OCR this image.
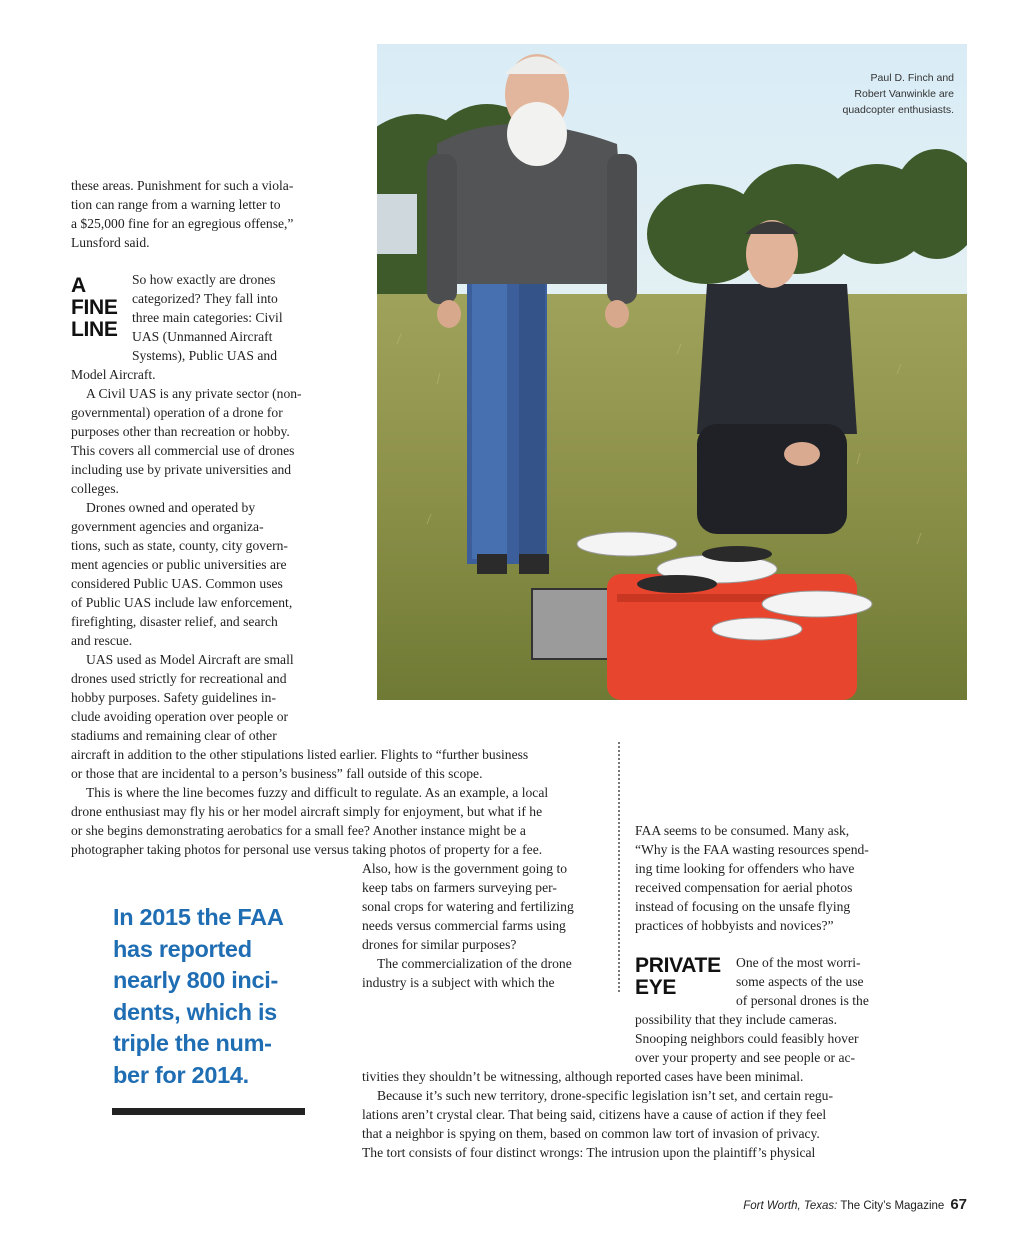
Paul D. Finch and
Robert Vanwinkle are
quadcopter enthusiasts.
these areas. Punishment for such a viola-
tion can range from a warning letter to
a $25,000 fine for an egregious offense,”
Lunsford said.
A
FINE
LINE
So how exactly are drones
categorized? They fall into
three main categories: Civil
UAS (Unmanned Aircraft
Systems), Public UAS and
Model Aircraft.
A Civil UAS is any private sector (non-
governmental) operation of a drone for
purposes other than recreation or hobby.
This covers all commercial use of drones
including use by private universities and
colleges.
Drones owned and operated by
government agencies and organiza-
tions, such as state, county, city govern-
ment agencies or public universities are
considered Public UAS. Common uses
of Public UAS include law enforcement,
firefighting, disaster relief, and search
and rescue.
UAS used as Model Aircraft are small
drones used strictly for recreational and
hobby purposes. Safety guidelines in-
clude avoiding operation over people or
stadiums and remaining clear of other
aircraft in addition to the other stipulations listed earlier. Flights to “further business
or those that are incidental to a person’s business” fall outside of this scope.
This is where the line becomes fuzzy and difficult to regulate. As an example, a local
drone enthusiast may fly his or her model aircraft simply for enjoyment, but what if he
or she begins demonstrating aerobatics for a small fee? Another instance might be a
photographer taking photos for personal use versus taking photos of property for a fee.
Also, how is the government going to
keep tabs on farmers surveying per-
sonal crops for watering and fertilizing
needs versus commercial farms using
drones for similar purposes?
The commercialization of the drone
industry is a subject with which the
FAA seems to be consumed. Many ask,
“Why is the FAA wasting resources spend-
ing time looking for offenders who have
received compensation for aerial photos
instead of focusing on the unsafe flying
practices of hobbyists and novices?”
PRIVATE
EYE
One of the most worri-
some aspects of the use
of personal drones is the
possibility that they include cameras.
Snooping neighbors could feasibly hover
over your property and see people or ac-
tivities they shouldn’t be witnessing, although reported cases have been minimal.
Because it’s such new territory, drone-specific legislation isn’t set, and certain regu-
lations aren’t crystal clear. That being said, citizens have a cause of action if they feel
that a neighbor is spying on them, based on common law tort of invasion of privacy.
The tort consists of four distinct wrongs: The intrusion upon the plaintiff’s physical
In 2015 the FAA
has reported
nearly 800 inci-
dents, which is
triple the num-
ber for 2014.
Fort Worth, Texas: The City’s Magazine 67
